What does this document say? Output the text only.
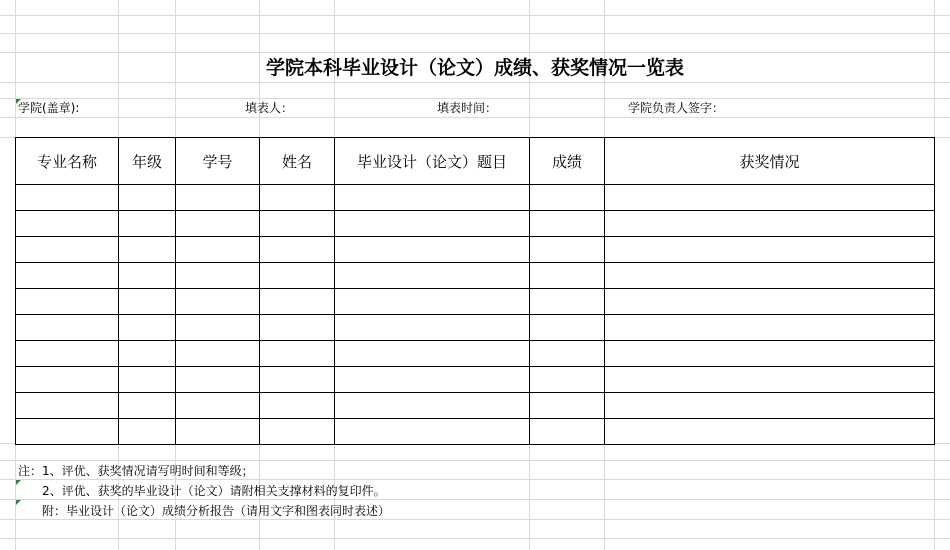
学院本科毕业设计（论文）成绩、获奖情况一览表
学院(盖章):	填表人：	填表时间：	学院负责人签字：
专业名称	年级	学号	姓名	毕业设计（论文）题目	成绩	获奖情况

注：1、评优、获奖情况请写明时间和等级；
2、评优、获奖的毕业设计（论文）请附相关支撑材料的复印件。
附：毕业设计（论文）成绩分析报告（请用文字和图表同时表述）
